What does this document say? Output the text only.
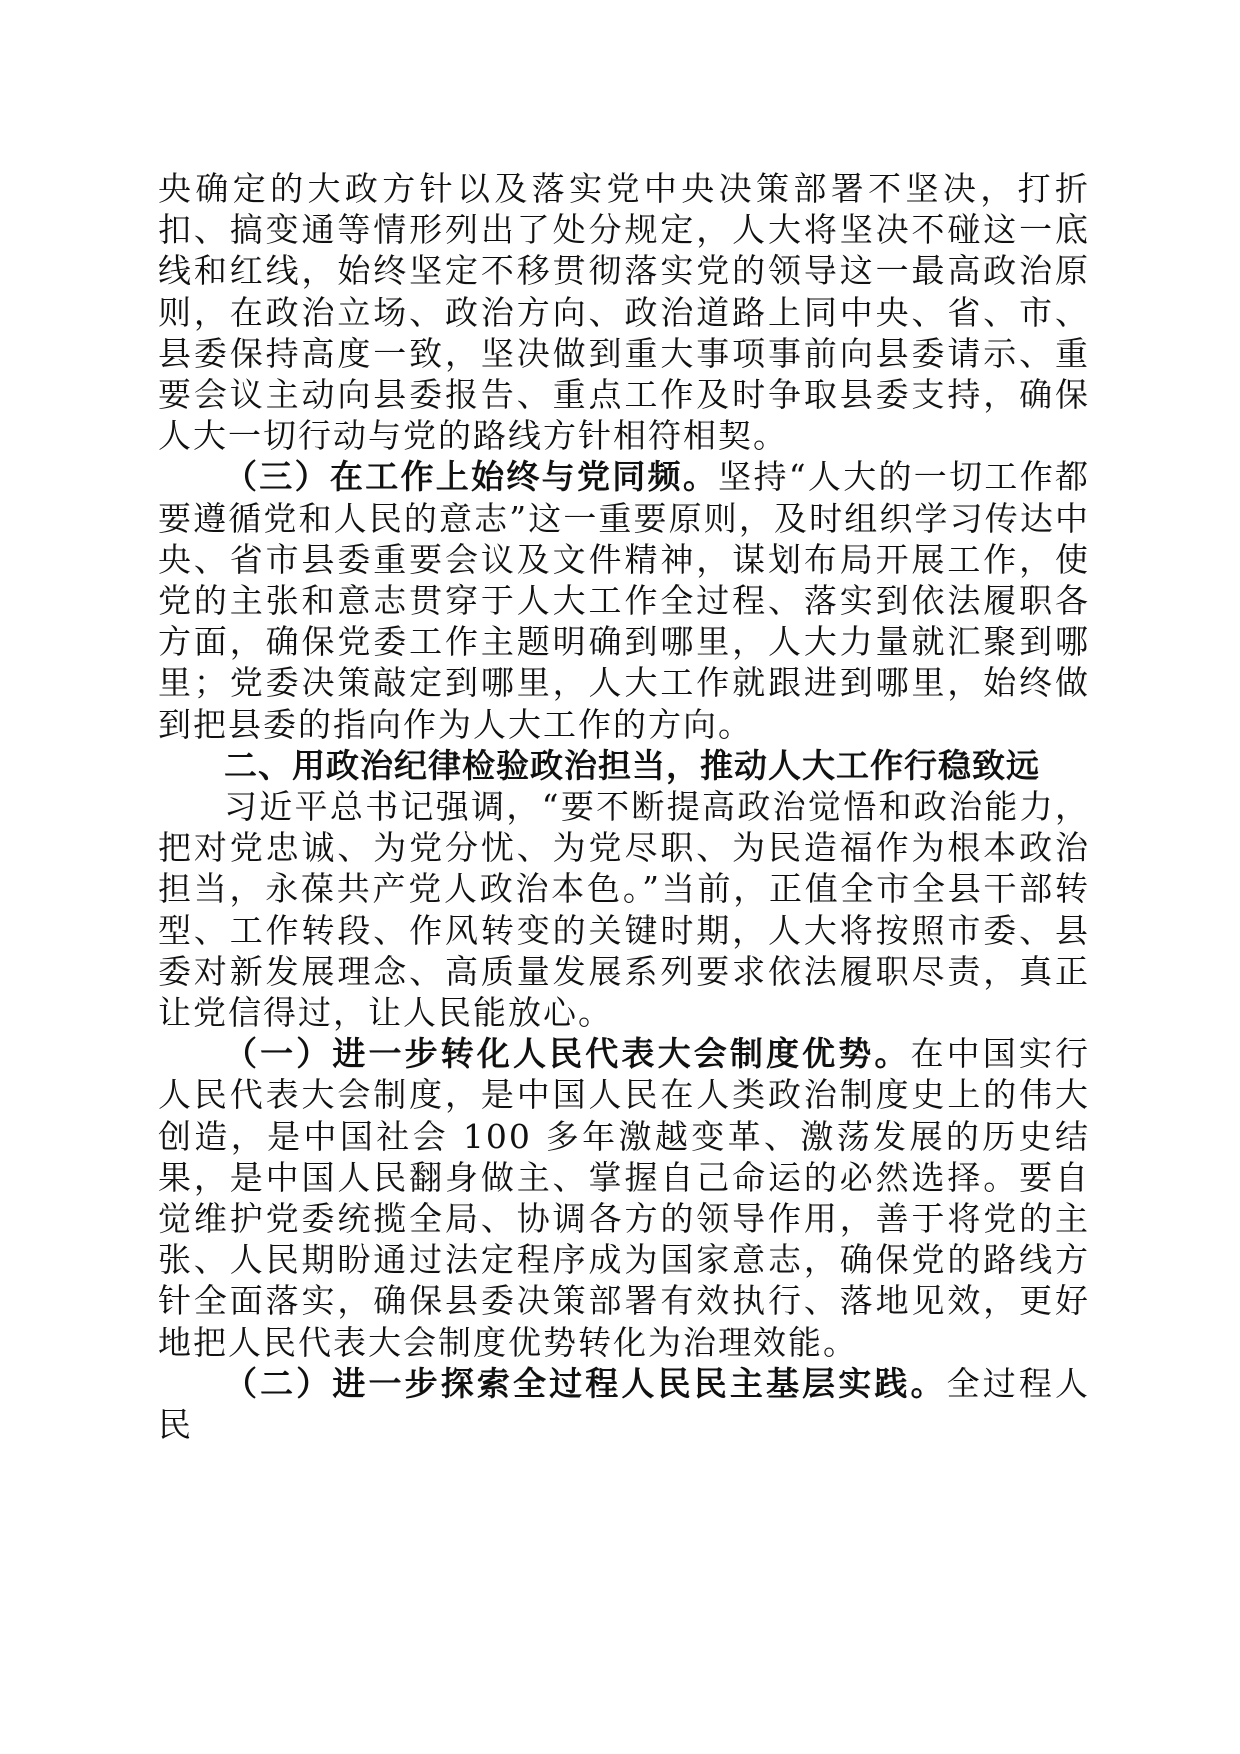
央确定的大政方针以及落实党中央决策部署不坚决，打折扣、搞变通等情形列出了处分规定，人大将坚决不碰这一底线和红线，始终坚定不移贯彻落实党的领导这一最高政治原则，在政治立场、政治方向、政治道路上同中央、省、市、县委保持高度一致，坚决做到重大事项事前向县委请示、重要会议主动向县委报告、重点工作及时争取县委支持，确保人大一切行动与党的路线方针相符相契。

（三）在工作上始终与党同频。坚持“人大的一切工作都要遵循党和人民的意志”这一重要原则，及时组织学习传达中央、省市县委重要会议及文件精神，谋划布局开展工作，使党的主张和意志贯穿于人大工作全过程、落实到依法履职各方面，确保党委工作主题明确到哪里，人大力量就汇聚到哪里；党委决策敲定到哪里，人大工作就跟进到哪里，始终做到把县委的指向作为人大工作的方向。

二、用政治纪律检验政治担当，推动人大工作行稳致远

习近平总书记强调，“要不断提高政治觉悟和政治能力，把对党忠诚、为党分忧、为党尽职、为民造福作为根本政治担当，永葆共产党人政治本色。”当前，正值全市全县干部转型、工作转段、作风转变的关键时期，人大将按照市委、县委对新发展理念、高质量发展系列要求依法履职尽责，真正让党信得过，让人民能放心。

（一）进一步转化人民代表大会制度优势。在中国实行人民代表大会制度，是中国人民在人类政治制度史上的伟大创造，是中国社会 100 多年激越变革、激荡发展的历史结果，是中国人民翻身做主、掌握自己命运的必然选择。要自觉维护党委统揽全局、协调各方的领导作用，善于将党的主张、人民期盼通过法定程序成为国家意志，确保党的路线方针全面落实，确保县委决策部署有效执行、落地见效，更好地把人民代表大会制度优势转化为治理效能。

（二）进一步探索全过程人民民主基层实践。全过程人民
